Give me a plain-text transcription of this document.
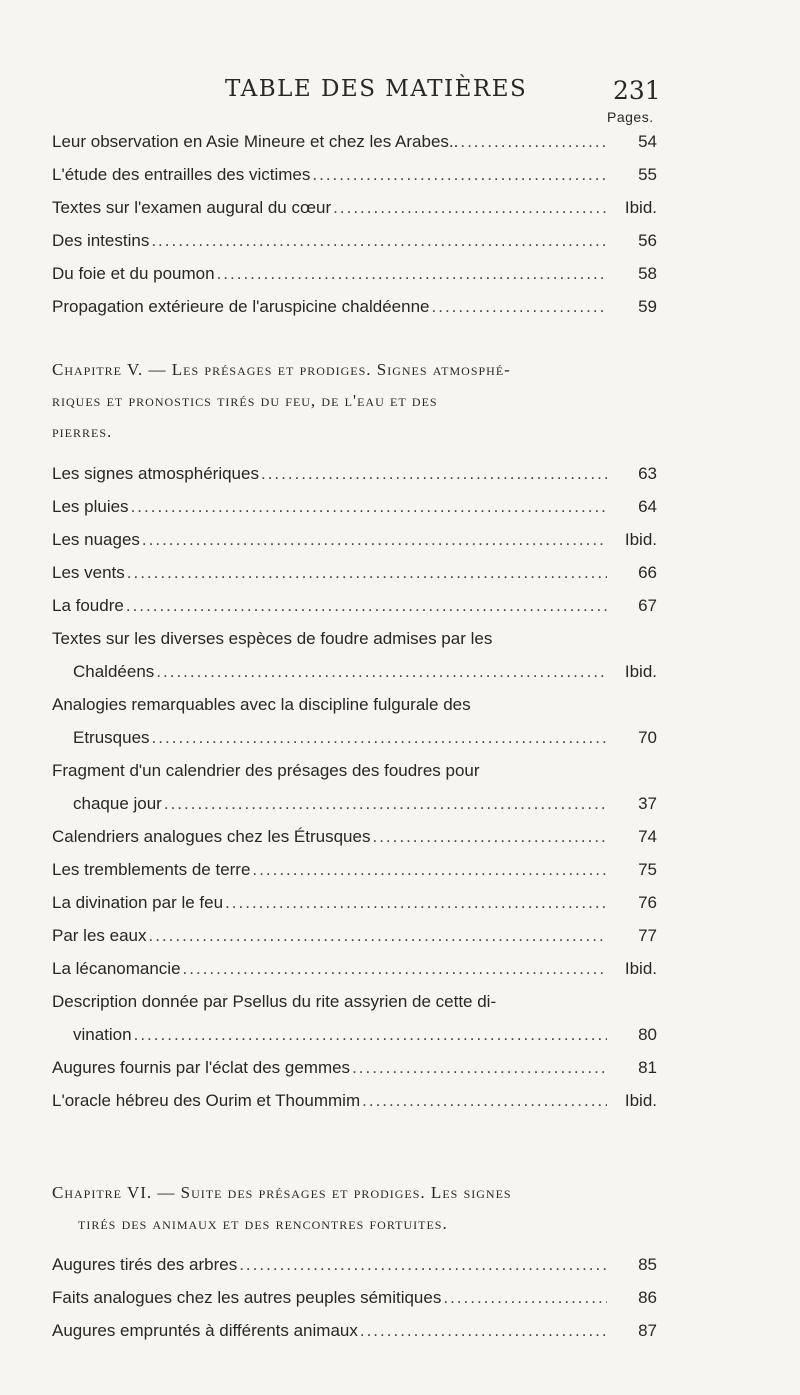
TABLE DES MATIÈRES	231
Pages.
Leur observation en Asie Mineure et chez les Arabes.. .....	54
L'étude des entrailles des victimes .....	55
Textes sur l'examen augural du cœur .....	Ibid.
Des intestins .....	56
Du foie et du poumon .....	58
Propagation extérieure de l'aruspicine chaldéenne .....	59
Chapitre V. — Les présages et prodiges. Signes atmosphé-
riques et pronostics tirés du feu, de l'eau et des
pierres.
Les signes atmosphériques .....	63
Les pluies .....	64
Les nuages .....	Ibid.
Les vents .....	66
La foudre .....	67
Textes sur les diverses espèces de foudre admises par les
Chaldéens .....	Ibid.
Analogies remarquables avec la discipline fulgurale des
Etrusques .....	70
Fragment d'un calendrier des présages des foudres pour
chaque jour .....	37
Calendriers analogues chez les Étrusques .....	74
Les tremblements de terre .....	75
La divination par le feu .....	76
Par les eaux .....	77
La lécanomancie .....	Ibid.
Description donnée par Psellus du rite assyrien de cette di-
vination .....	80
Augures fournis par l'éclat des gemmes .....	81
L'oracle hébreu des Ourim et Thoummim .....	Ibid.
Chapitre VI. — Suite des présages et prodiges. Les signes
tirés des animaux et des rencontres fortuites.
Augures tirés des arbres .....	85
Faits analogues chez les autres peuples sémitiques .....	86
Augures empruntés à différents animaux .....	87
